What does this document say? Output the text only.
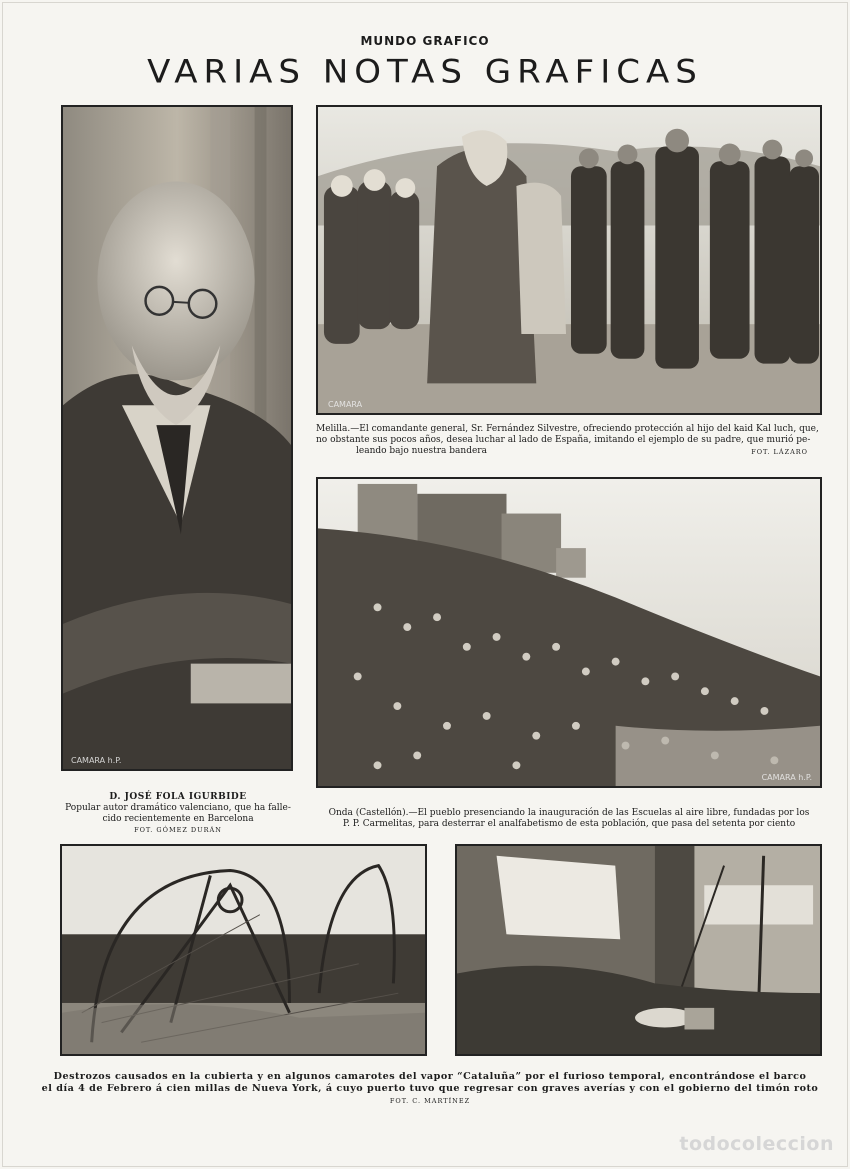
MUNDO GRAFICO
VARIAS NOTAS GRAFICAS
CAMARA h.P.
CAMARA
Melilla.—El comandante general, Sr. Fernández Silvestre, ofreciendo protección al hijo del kaid Kal luch, que,
no obstante sus pocos años, desea luchar al lado de España, imitando el ejemplo de su padre, que murió pe-
leando bajo nuestra bandera	FOT. LÁZARO
CAMARA h.P.
D. JOSÉ FOLA IGURBIDE
Popular autor dramático valenciano, que ha falle-
cido recientemente en Barcelona
FOT. GÓMEZ DURÁN
Onda (Castellón).—El pueblo presenciando la inauguración de las Escuelas al aire libre, fundadas por los
P. P. Carmelitas, para desterrar el analfabetismo de esta población, que pasa del setenta por ciento
Destrozos causados en la cubierta y en algunos camarotes del vapor “Cataluña” por el furioso temporal, encontrándose el barco
el día 4 de Febrero á cien millas de Nueva York, á cuyo puerto tuvo que regresar con graves averías y con el gobierno del timón roto
FOT. C. MARTÍNEZ
todocoleccion
